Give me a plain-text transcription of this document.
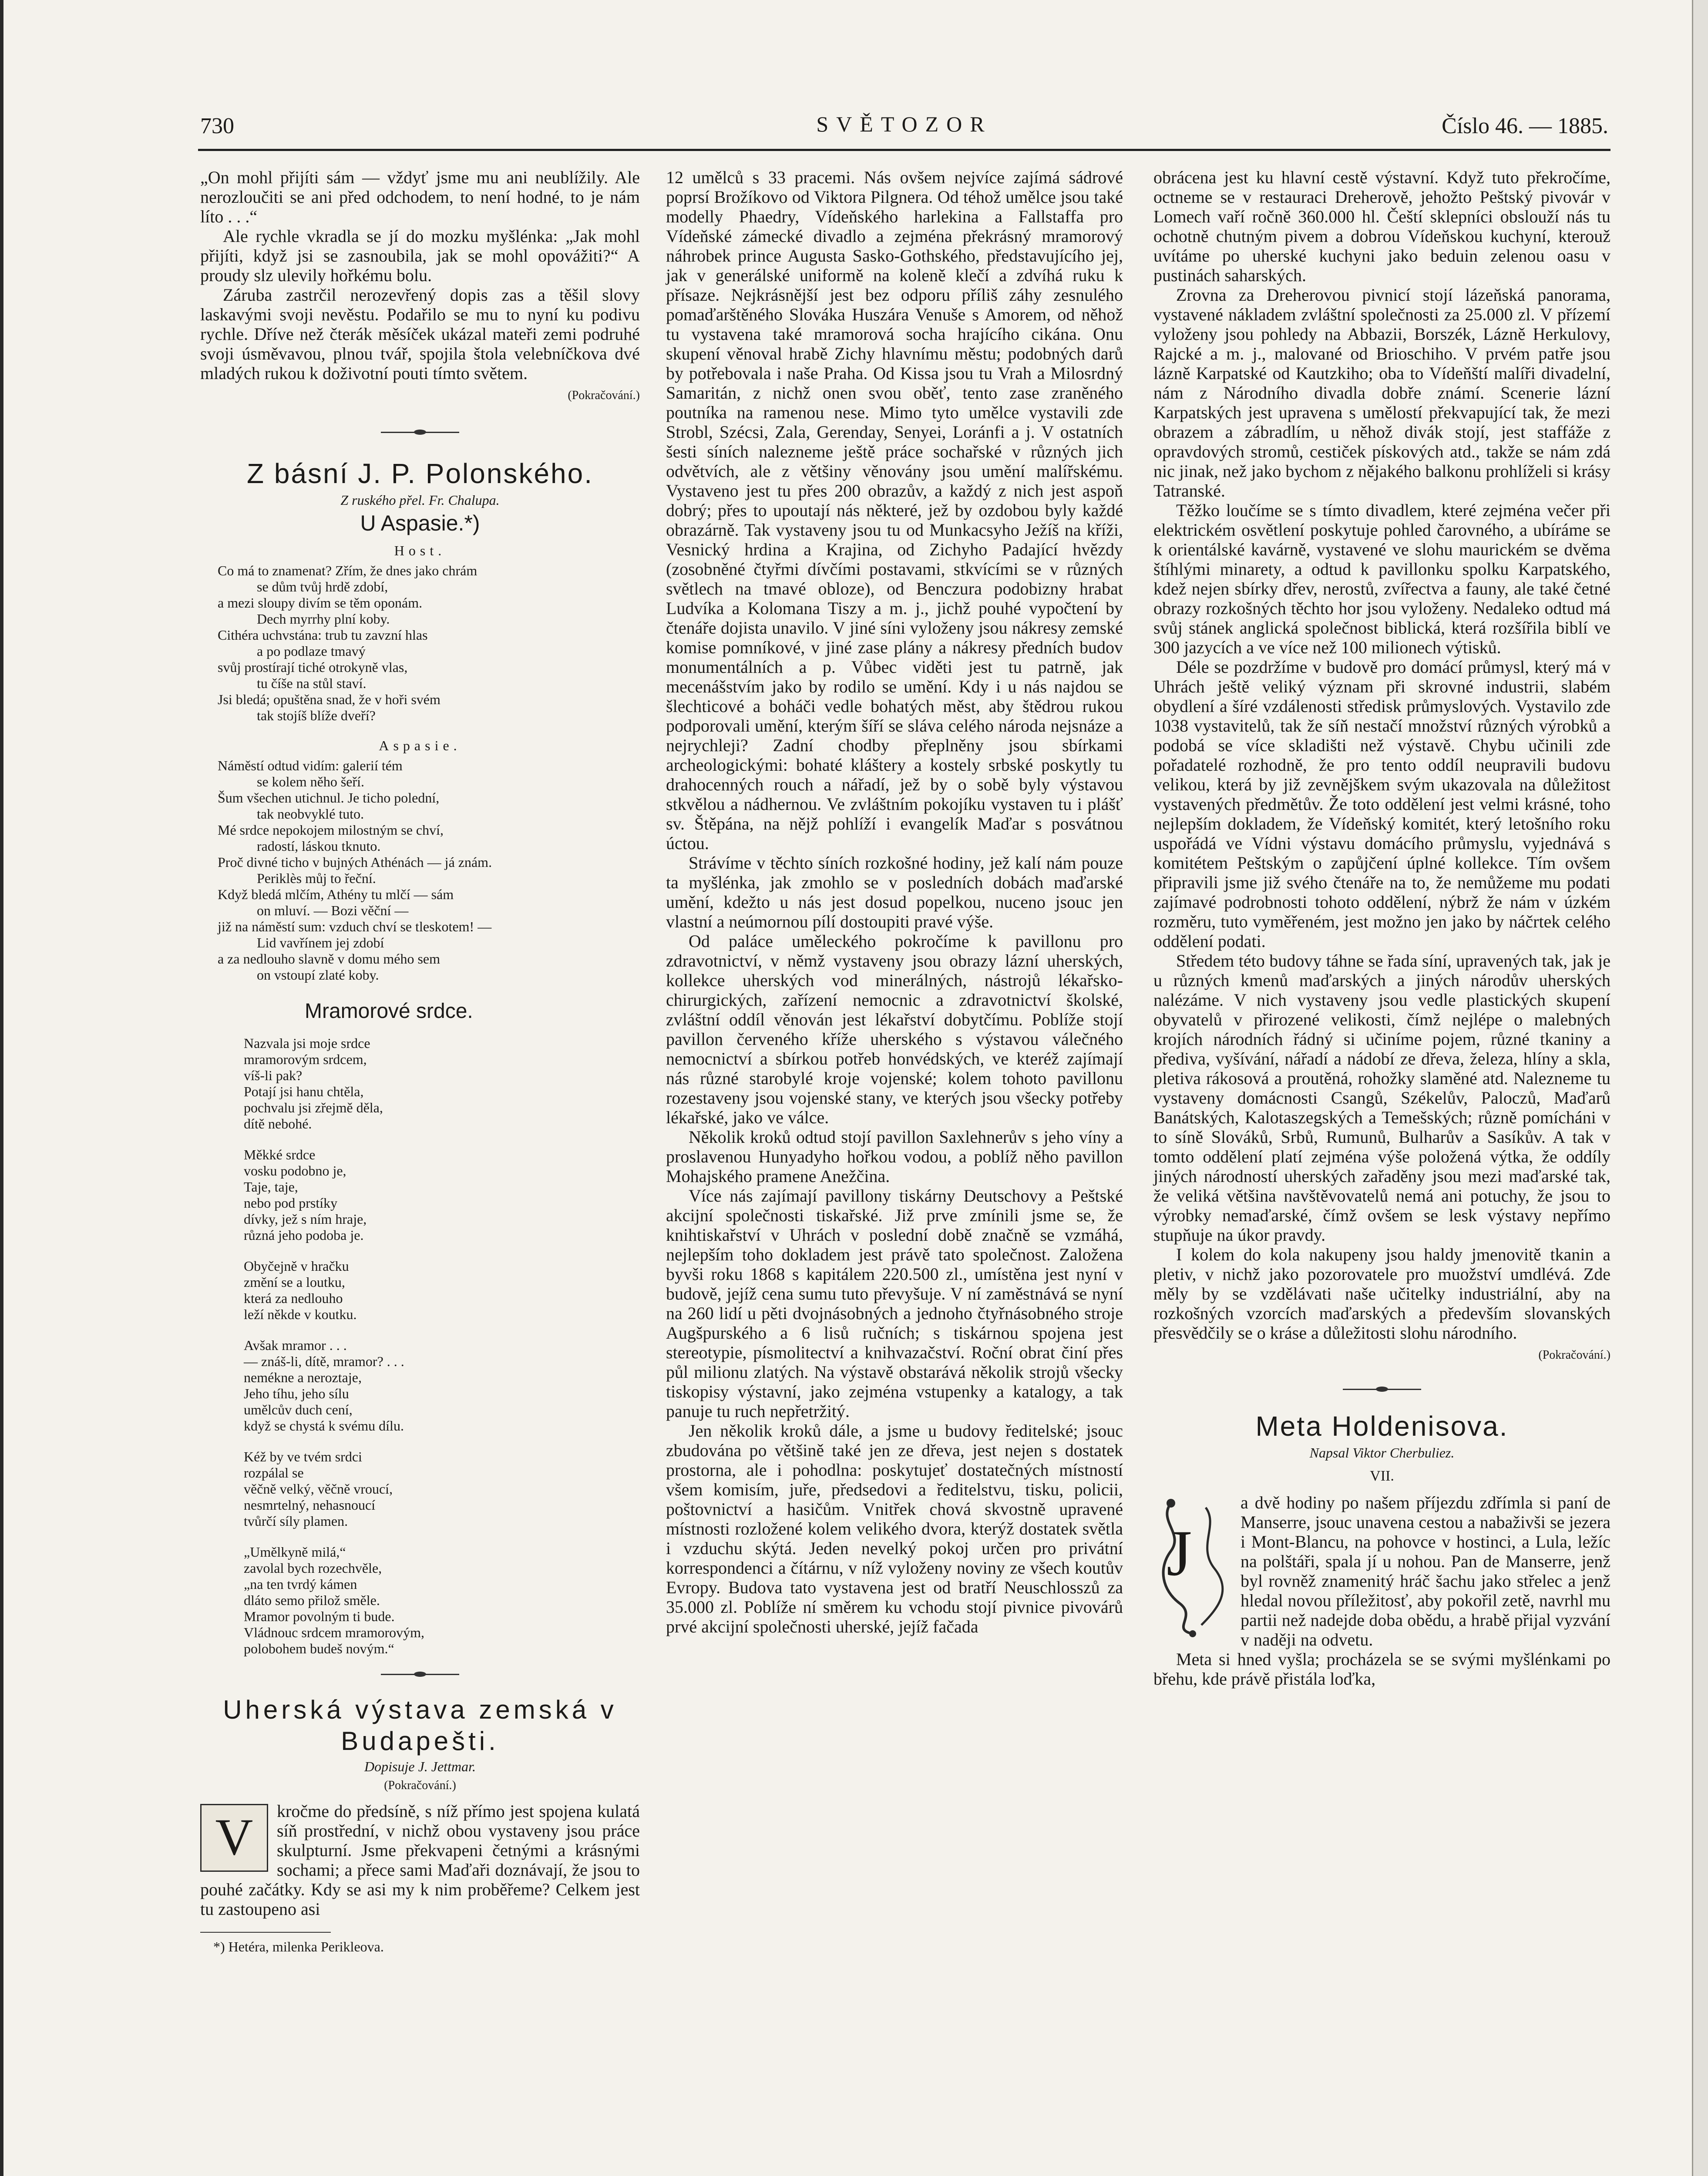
730	SVĚTOZOR	Číslo 46. — 1885.

„On mohl přijíti sám — vždyť jsme mu ani neublížily. Ale nerozloučiti se ani před odchodem, to není hodné, to je nám líto . . .“

Ale rychle vkradla se jí do mozku myšlénka: „Jak mohl přijíti, když jsi se zasnoubila, jak se mohl opovážiti?“ A proudy slz ulevily hořkému bolu.

Záruba zastrčil nerozevřený dopis zas a těšil slovy laskavými svoji nevěstu. Podařilo se mu to nyní ku podivu rychle. Dříve než čterák měsíček ukázal mateři zemi podruhé svoji úsměvavou, plnou tvář, spojila štola velebníčkova dvé mladých rukou k doživotní pouti tímto světem.

(Pokračování.)
Z básní J. P. Polonského.
Z ruského přel. Fr. Chalupa.
U Aspasie.*)
Host.
Co má to znamenat? Zřím, že dnes jako chrám
se dům tvůj hrdě zdobí,
a mezi sloupy divím se těm oponám.
Dech myrrhy plní koby.
Cithéra uchvstána: trub tu zavzní hlas
a po podlaze tmavý
svůj prostírají tiché otrokyně vlas,
tu číše na stůl staví.
Jsi bledá; opuštěna snad, že v hoři svém
tak stojíš blíže dveří?
Aspasie.
Náměstí odtud vidím: galerií tém
se kolem něho šeří.
Šum všechen utichnul. Je ticho polední,
tak neobvyklé tuto.
Mé srdce nepokojem milostným se chví,
radostí, láskou tknuto.
Proč divné ticho v bujných Athénách — já znám.
Periklès můj to řeční.
Když bledá mlčím, Athény tu mlčí — sám
on mluví. — Bozi věční —
již na náměstí sum: vzduch chví se tleskotem! —
Lid vavřínem jej zdobí
a za nedlouho slavně v domu mého sem
on vstoupí zlaté koby.
Mramorové srdce.
Nazvala jsi moje srdce
mramorovým srdcem,
víš-li pak?
Potají jsi hanu chtěla,
pochvalu jsi zřejmě děla,
dítě nebohé.
Měkké srdce
vosku podobno je,
Taje, taje,
nebo pod prstíky
dívky, jež s ním hraje,
různá jeho podoba je.
Obyčejně v hračku
změní se a loutku,
která za nedlouho
leží někde v koutku.
Avšak mramor . . .
— znáš-li, dítě, mramor? . . .
nemékne a neroztaje,
Jeho tíhu, jeho sílu
umělcův duch cení,
když se chystá k svému dílu.
Kéž by ve tvém srdci
rozpálal se
věčně velký, věčně vroucí,
nesmrtelný, nehasnoucí
tvůrčí síly plamen.
„Umělkyně milá,“
zavolal bych rozechvěle,
„na ten tvrdý kámen
dláto semo přilož směle.
Mramor povolným ti bude.
Vládnouc srdcem mramorovým,
polobohem budeš novým.“
Uherská výstava zemská v Budapešti.
Dopisuje J. Jettmar.
(Pokračování.)
V	kročme do předsíně, s níž přímo jest spojena kulatá síň prostřední, v nichž obou vystaveny jsou práce skulpturní. Jsme překvapeni četnými a krásnými sochami; a přece sami Maďaři doznávají, že jsou to pouhé začátky. Kdy se asi my k nim proběřeme? Celkem jest tu zastoupeno asi

*) Hetéra, milenka Perikleova.

12 umělců s 33 pracemi. Nás ovšem nejvíce zajímá sádrové poprsí Brožíkovo od Viktora Pilgnera. Od téhož umělce jsou také modelly Phaedry, Vídeňského harlekina a Fallstaffa pro Vídeňské zámecké divadlo a zejména překrásný mramorový náhrobek prince Augusta Sasko-Gothského, představujícího jej, jak v generálské uniformě na koleně klečí a zdvíhá ruku k přísaze. Nejkrásnější jest bez odporu příliš záhy zesnulého pomaďarštěného Slováka Huszára Venuše s Amorem, od něhož tu vystavena také mramorová socha hrajícího cikána. Onu skupení věnoval hrabě Zichy hlavnímu městu; podobných darů by potřebovala i naše Praha. Od Kissa jsou tu Vrah a Milosrdný Samaritán, z nichž onen svou oběť, tento zase zraněného poutníka na ramenou nese. Mimo tyto umělce vystavili zde Strobl, Szécsi, Zala, Gerenday, Senyei, Loránfi a j. V ostatních šesti síních nalezneme ještě práce sochařské v různých jich odvětvích, ale z většiny věnovány jsou umění malířskému. Vystaveno jest tu přes 200 obrazův, a každý z nich jest aspoň dobrý; přes to upoutají nás některé, jež by ozdobou byly každé obrazárně. Tak vystaveny jsou tu od Munkacsyho Ježíš na kříži, Vesnický hrdina a Krajina, od Zichyho Padající hvězdy (zosobněné čtyřmi dívčími postavami, stkvícími se v různých světlech na tmavé obloze), od Benczura podobizny hrabat Ludvíka a Kolomana Tiszy a m. j., jichž pouhé vypočtení by čtenáře dojista unavilo. V jiné síni vyloženy jsou nákresy zemské komise pomníkové, v jiné zase plány a nákresy předních budov monumentálních a p. Vůbec viděti jest tu patrně, jak mecenášstvím jako by rodilo se umění. Kdy i u nás najdou se šlechticové a boháči vedle bohatých měst, aby štědrou rukou podporovali umění, kterým šíří se sláva celého národa nejsnáze a nejrychleji? Zadní chodby přeplněny jsou sbírkami archeologickými: bohaté kláštery a kostely srbské poskytly tu drahocenných rouch a nářadí, jež by o sobě byly výstavou stkvělou a nádhernou. Ve zvláštním pokojíku vystaven tu i plášť sv. Štěpána, na nějž pohlíží i evangelík Maďar s posvátnou úctou.

Strávíme v těchto síních rozkošné hodiny, jež kalí nám pouze ta myšlénka, jak zmohlo se v posledních dobách maďarské umění, kdežto u nás jest dosud popelkou, nuceno jsouc jen vlastní a neúmornou pílí dostoupiti pravé výše.

Od paláce uměleckého pokročíme k pavillonu pro zdravotnictví, v němž vystaveny jsou obrazy lázní uherských, kollekce uherských vod minerálných, nástrojů lékařsko-chirurgických, zařízení nemocnic a zdravotnictví školské, zvláštní oddíl věnován jest lékařství dobytčímu. Poblíže stojí pavillon červeného kříže uherského s výstavou válečného nemocnictví a sbírkou potřeb honvédských, ve kteréž zajímají nás různé starobylé kroje vojenské; kolem tohoto pavillonu rozestaveny jsou vojenské stany, ve kterých jsou všecky potřeby lékařské, jako ve válce.

Několik kroků odtud stojí pavillon Saxlehnerův s jeho víny a proslavenou Hunyadyho hořkou vodou, a poblíž něho pavillon Mohajského pramene Anežčina.

Více nás zajímají pavillony tiskárny Deutschovy a Peštské akcijní společnosti tiskařské. Již prve zmínili jsme se, že knihtiskařství v Uhrách v poslední době značně se vzmáhá, nejlepším toho dokladem jest právě tato společnost. Založena byvši roku 1868 s kapitálem 220.500 zl., umístěna jest nyní v budově, jejíž cena sumu tuto převyšuje. V ní zaměstnává se nyní na 260 lidí u pěti dvojnásobných a jednoho čtyřnásobného stroje Augšpurského a 6 lisů ručních; s tiskárnou spojena jest stereotypie, písmolitectví a knihvazačství. Roční obrat činí přes půl milionu zlatých. Na výstavě obstarává několik strojů všecky tiskopisy výstavní, jako zejména vstupenky a katalogy, a tak panuje tu ruch nepřetržitý.

Jen několik kroků dále, a jsme u budovy ředitelské; jsouc zbudována po většině také jen ze dřeva, jest nejen s dostatek prostorna, ale i pohodlna: poskytujeť dostatečných místností všem komisím, juře, předsedovi a ředitelstvu, tisku, policii, poštovnictví a hasičům. Vnitřek chová skvostně upravené místnosti rozložené kolem velikého dvora, kterýž dostatek světla i vzduchu skýtá. Jeden nevelký pokoj určen pro privátní korrespondenci a čítárnu, v níž vyloženy noviny ze všech koutův Evropy. Budova tato vystavena jest od bratří Neuschlosszů za 35.000 zl. Poblíže ní směrem ku vchodu stojí pivnice pivovárů prvé akcijní společnosti uherské, jejíž fačada

obrácena jest ku hlavní cestě výstavní. Když tuto překročíme, octneme se v restauraci Dreherově, jehožto Peštský pivovár v Lomech vaří ročně 360.000 hl. Čeští sklepníci obslouží nás tu ochotně chutným pivem a dobrou Vídeňskou kuchyní, kterouž uvítáme po uherské kuchyni jako beduin zelenou oasu v pustinách saharských.

Zrovna za Dreherovou pivnicí stojí lázeňská panorama, vystavené nákladem zvláštní společnosti za 25.000 zl. V přízemí vyloženy jsou pohledy na Abbazii, Borszék, Lázně Herkulovy, Rajcké a m. j., malované od Brioschiho. V prvém patře jsou lázně Karpatské od Kautzkiho; oba to Vídeňští malíři divadelní, nám z Národního divadla dobře známí. Scenerie lázní Karpatských jest upravena s umělostí překvapující tak, že mezi obrazem a zábradlím, u něhož divák stojí, jest staffáže z opravdových stromů, cestiček pískových atd., takže se nám zdá nic jinak, než jako bychom z nějakého balkonu prohlíželi si krásy Tatranské.

Těžko loučíme se s tímto divadlem, které zejména večer při elektrickém osvětlení poskytuje pohled čarovného, a ubíráme se k orientálské kavárně, vystavené ve slohu maurickém se dvěma štíhlými minarety, a odtud k pavillonku spolku Karpatského, kdež nejen sbírky dřev, nerostů, zvířectva a fauny, ale také četné obrazy rozkošných těchto hor jsou vyloženy. Nedaleko odtud má svůj stánek anglická společnost biblická, která rozšířila biblí ve 300 jazycích a ve více než 100 milionech výtisků.

Déle se pozdržíme v budově pro domácí průmysl, který má v Uhrách ještě veliký význam při skrovné industrii, slabém obydlení a šíré vzdálenosti středisk průmyslových. Vystavilo zde 1038 vystavitelů, tak že síň nestačí množství různých výrobků a podobá se více skladišti než výstavě. Chybu učinili zde pořadatelé rozhodně, že pro tento oddíl neupravili budovu velikou, která by již zevnějškem svým ukazovala na důležitost vystavených předmětův. Že toto oddělení jest velmi krásné, toho nejlepším dokladem, že Vídeňský komitét, který letošního roku uspořádá ve Vídni výstavu domácího průmyslu, vyjednává s komitétem Peštským o zapůjčení úplné kollekce. Tím ovšem připravili jsme již svého čtenáře na to, že nemůžeme mu podati zajímavé podrobnosti tohoto oddělení, nýbrž že nám v úzkém rozměru, tuto vyměřeném, jest možno jen jako by náčrtek celého oddělení podati.

Středem této budovy táhne se řada síní, upravených tak, jak je u různých kmenů maďarských a jiných národův uherských nalézáme. V nich vystaveny jsou vedle plastických skupení obyvatelů v přirozené velikosti, čímž nejlépe o malebných krojích národních řádný si učiníme pojem, různé tkaniny a přediva, vyšívání, nářadí a nádobí ze dřeva, železa, hlíny a skla, pletiva rákosová a proutěná, rohožky slaměné atd. Nalezneme tu vystaveny domácnosti Csangů, Székelův, Paloczů, Maďarů Banátských, Kalotaszegských a Temešských; různě pomícháni v to síně Slováků, Srbů, Rumunů, Bulharův a Sasíkův. A tak v tomto oddělení platí zejména výše položená výtka, že oddíly jiných národností uherských zařaděny jsou mezi maďarské tak, že veliká většina navštěvovatelů nemá ani potuchy, že jsou to výrobky nemaďarské, čímž ovšem se lesk výstavy nepřímo stupňuje na úkor pravdy.

I kolem do kola nakupeny jsou haldy jmenovitě tkanin a pletiv, v nichž jako pozorovatele pro muožství umdlévá. Zde měly by se vzdělávati naše učitelky industriální, aby na rozkošných vzorcích maďarských a především slovanských přesvědčily se o kráse a důležitosti slohu národního.

(Pokračování.)
Meta Holdenisova.
Napsal Viktor Cherbuliez.
VII.
J

a dvě hodiny po našem příjezdu zdřímla si paní de Manserre, jsouc unavena cestou a nabaživši se jezera i Mont-Blancu, na pohovce v hostinci, a Lula, ležíc na polštáři, spala jí u nohou. Pan de Manserre, jenž byl rovněž znamenitý hráč šachu jako střelec a jenž hledal novou příležitosť, aby pokořil zetě, navrhl mu partii než nadejde doba obědu, a hrabě přijal vyzvání v naději na odvetu.

Meta si hned vyšla; procházela se se svými myšlénkami po břehu, kde právě přistála loďka,
